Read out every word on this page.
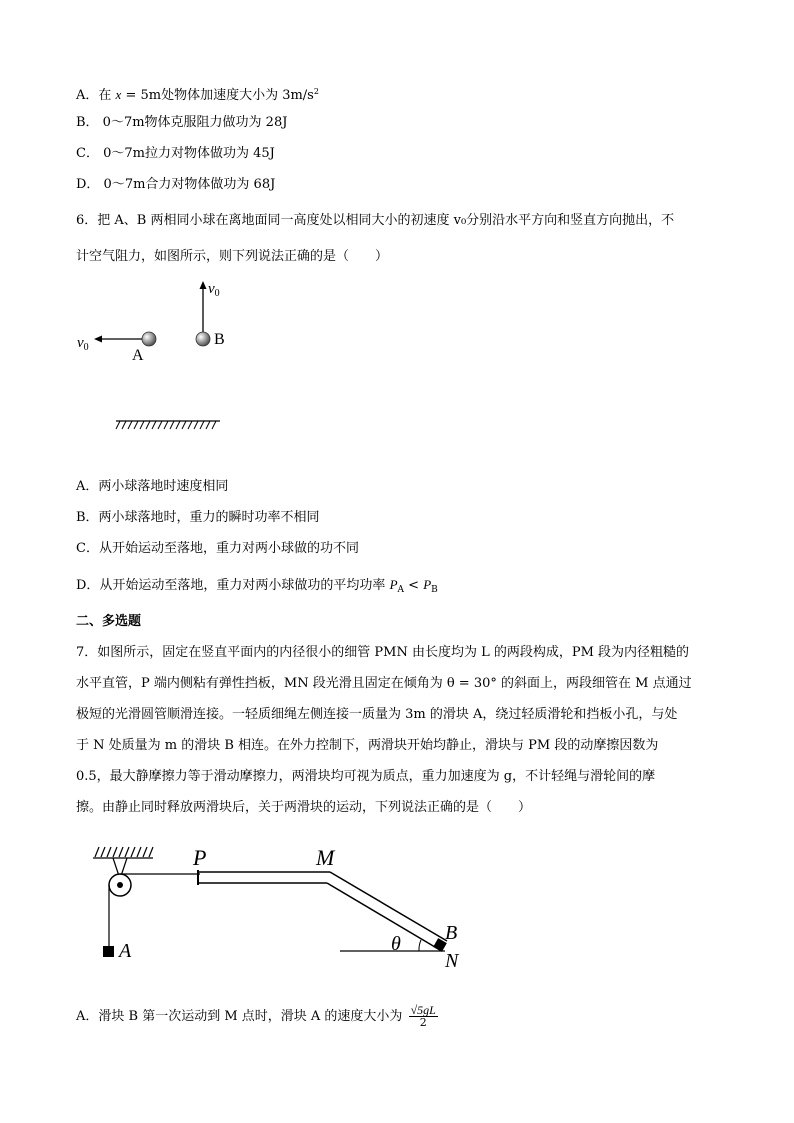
A．在 x = 5m处物体加速度大小为 $3m/s^2$
B． 0～7m物体克服阻力做功为 28J
C． 0～7m拉力对物体做功为 45J
D． 0～7m合力对物体做功为 68J
6．把 A、B 两相同小球在离地面同一高度处以相同大小的初速度 v₀分别沿水平方向和竖直方向抛出，不
计空气阻力，如图所示，则下列说法正确的是（　　）
$v_0$
B
$v_0$	A
A．两小球落地时速度相同
B．两小球落地时，重力的瞬时功率不相同
C．从开始运动至落地，重力对两小球做的功不同
D．从开始运动至落地，重力对两小球做功的平均功率 $P_A < P_B$
二、多选题
7．如图所示，固定在竖直平面内的内径很小的细管 PMN 由长度均为 L 的两段构成，PM 段为内径粗糙的
水平直管，P 端内侧粘有弹性挡板，MN 段光滑且固定在倾角为 θ = 30° 的斜面上，两段细管在 M 点通过
极短的光滑圆管顺滑连接。一轻质细绳左侧连接一质量为 3m 的滑块 A，绕过轻质滑轮和挡板小孔，与处
于 N 处质量为 m 的滑块 B 相连。在外力控制下，两滑块开始均静止，滑块与 PM 段的动摩擦因数为
0.5，最大静摩擦力等于滑动摩擦力，两滑块均可视为质点，重力加速度为 g，不计轻绳与滑轮间的摩
擦。由静止同时释放两滑块后，关于两滑块的运动，下列说法正确的是（　　）
A	θ
P	M
B
N
A．滑块 B 第一次运动到 M 点时，滑块 A 的速度大小为 $\frac{√5gL}{2}$
